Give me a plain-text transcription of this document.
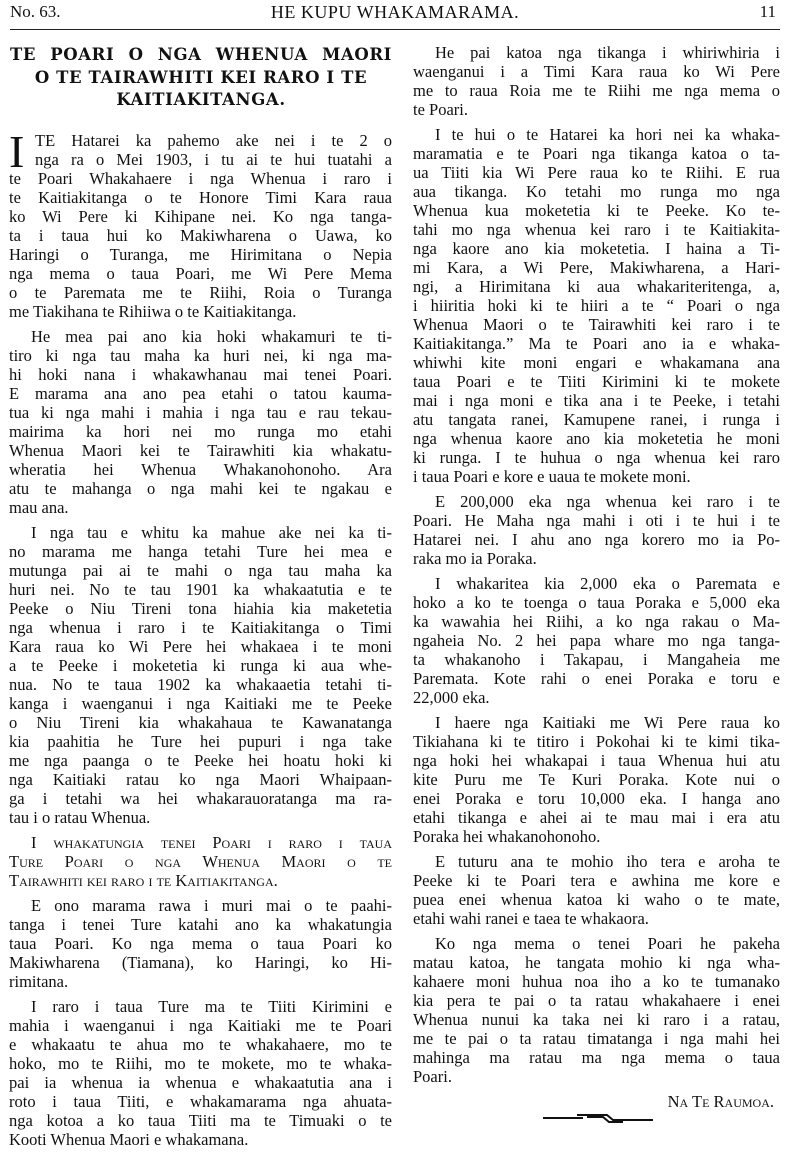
No. 63.	HE KUPU WHAKAMARAMA.	11
TE POARI O NGA WHENUA MAORI
O TE TAIRAWHITI KEI RARO I TE
KAITIAKITANGA.
I TE Hatarei ka pahemo ake nei i te 2 o
nga ra o Mei 1903, i tu ai te hui tuatahi a
te Poari Whakahaere i nga Whenua i raro i
te Kaitiakitanga o te Honore Timi Kara raua
ko Wi Pere ki Kihipane nei. Ko nga tanga-
ta i taua hui ko Makiwharena o Uawa, ko
Haringi o Turanga, me Hirimitana o Nepia
nga mema o taua Poari, me Wi Pere Mema
o te Paremata me te Riihi, Roia o Turanga
me Tiakihana te Rihiiwa o te Kaitiakitanga.
He mea pai ano kia hoki whakamuri te ti-
tiro ki nga tau maha ka huri nei, ki nga ma-
hi hoki nana i whakawhanau mai tenei Poari.
E marama ana ano pea etahi o tatou kauma-
tua ki nga mahi i mahia i nga tau e rau tekau-
mairima ka hori nei mo runga mo etahi
Whenua Maori kei te Tairawhiti kia whakatu-
wheratia hei Whenua Whakanohonoho. Ara
atu te mahanga o nga mahi kei te ngakau e
mau ana.
I nga tau e whitu ka mahue ake nei ka ti-
no marama me hanga tetahi Ture hei mea e
mutunga pai ai te mahi o nga tau maha ka
huri nei. No te tau 1901 ka whakaatutia e te
Peeke o Niu Tireni tona hiahia kia maketetia
nga whenua i raro i te Kaitiakitanga o Timi
Kara raua ko Wi Pere hei whakaea i te moni
a te Peeke i moketetia ki runga ki aua whe-
nua. No te taua 1902 ka whakaaetia tetahi ti-
kanga i waenganui i nga Kaitiaki me te Peeke
o Niu Tireni kia whakahaua te Kawanatanga
kia paahitia he Ture hei pupuri i nga take
me nga paanga o te Peeke hei hoatu hoki ki
nga Kaitiaki ratau ko nga Maori Whaipaan-
ga i tetahi wa hei whakarauoratanga ma ra-
tau i o ratau Whenua.
I whakatungia tenei Poari i raro i taua
Ture Poari o nga Whenua Maori o te
Tairawhiti kei raro i te Kaitiakitanga.
E ono marama rawa i muri mai o te paahi-
tanga i tenei Ture katahi ano ka whakatungia
taua Poari. Ko nga mema o taua Poari ko
Makiwharena (Tiamana), ko Haringi, ko Hi-
rimitana.
I raro i taua Ture ma te Tiiti Kirimini e
mahia i waenganui i nga Kaitiaki me te Poari
e whakaatu te ahua mo te whakahaere, mo te
hoko, mo te Riihi, mo te mokete, mo te whaka-
pai ia whenua ia whenua e whakaatutia ana i
roto i taua Tiiti, e whakamarama nga ahuata-
nga kotoa a ko taua Tiiti ma te Timuaki o te
Kooti Whenua Maori e whakamana.
He pai katoa nga tikanga i whiriwhiria i
waenganui i a Timi Kara raua ko Wi Pere
me to raua Roia me te Riihi me nga mema o
te Poari.
I te hui o te Hatarei ka hori nei ka whaka-
maramatia e te Poari nga tikanga katoa o ta-
ua Tiiti kia Wi Pere raua ko te Riihi. E rua
aua tikanga. Ko tetahi mo runga mo nga
Whenua kua moketetia ki te Peeke. Ko te-
tahi mo nga whenua kei raro i te Kaitiakita-
nga kaore ano kia moketetia. I haina a Ti-
mi Kara, a Wi Pere, Makiwharena, a Hari-
ngi, a Hirimitana ki aua whakariteritenga, a,
i hiiritia hoki ki te hiiri a te “ Poari o nga
Whenua Maori o te Tairawhiti kei raro i te
Kaitiakitanga.” Ma te Poari ano ia e whaka-
whiwhi kite moni engari e whakamana ana
taua Poari e te Tiiti Kirimini ki te mokete
mai i nga moni e tika ana i te Peeke, i tetahi
atu tangata ranei, Kamupene ranei, i runga i
nga whenua kaore ano kia moketetia he moni
ki runga. I te huhua o nga whenua kei raro
i taua Poari e kore e uaua te mokete moni.
E 200,000 eka nga whenua kei raro i te
Poari. He Maha nga mahi i oti i te hui i te
Hatarei nei. I ahu ano nga korero mo ia Po-
raka mo ia Poraka.
I whakaritea kia 2,000 eka o Paremata e
hoko a ko te toenga o taua Poraka e 5,000 eka
ka wawahia hei Riihi, a ko nga rakau o Ma-
ngaheia No. 2 hei papa whare mo nga tanga-
ta whakanoho i Takapau, i Mangaheia me
Paremata. Kote rahi o enei Poraka e toru e
22,000 eka.
I haere nga Kaitiaki me Wi Pere raua ko
Tikiahana ki te titiro i Pokohai ki te kimi tika-
nga hoki hei whakapai i taua Whenua hui atu
kite Puru me Te Kuri Poraka. Kote nui o
enei Poraka e toru 10,000 eka. I hanga ano
etahi tikanga e ahei ai te mau mai i era atu
Poraka hei whakanohonoho.
E tuturu ana te mohio iho tera e aroha te
Peeke ki te Poari tera e awhina me kore e
puea enei whenua katoa ki waho o te mate,
etahi wahi ranei e taea te whakaora.
Ko nga mema o tenei Poari he pakeha
matau katoa, he tangata mohio ki nga wha-
kahaere moni huhua noa iho a ko te tumanako
kia pera te pai o ta ratau whakahaere i enei
Whenua nunui ka taka nei ki raro i a ratau,
me te pai o ta ratau timatanga i nga mahi hei
mahinga ma ratau ma nga mema o taua
Poari.
Na Te Raumoa.
